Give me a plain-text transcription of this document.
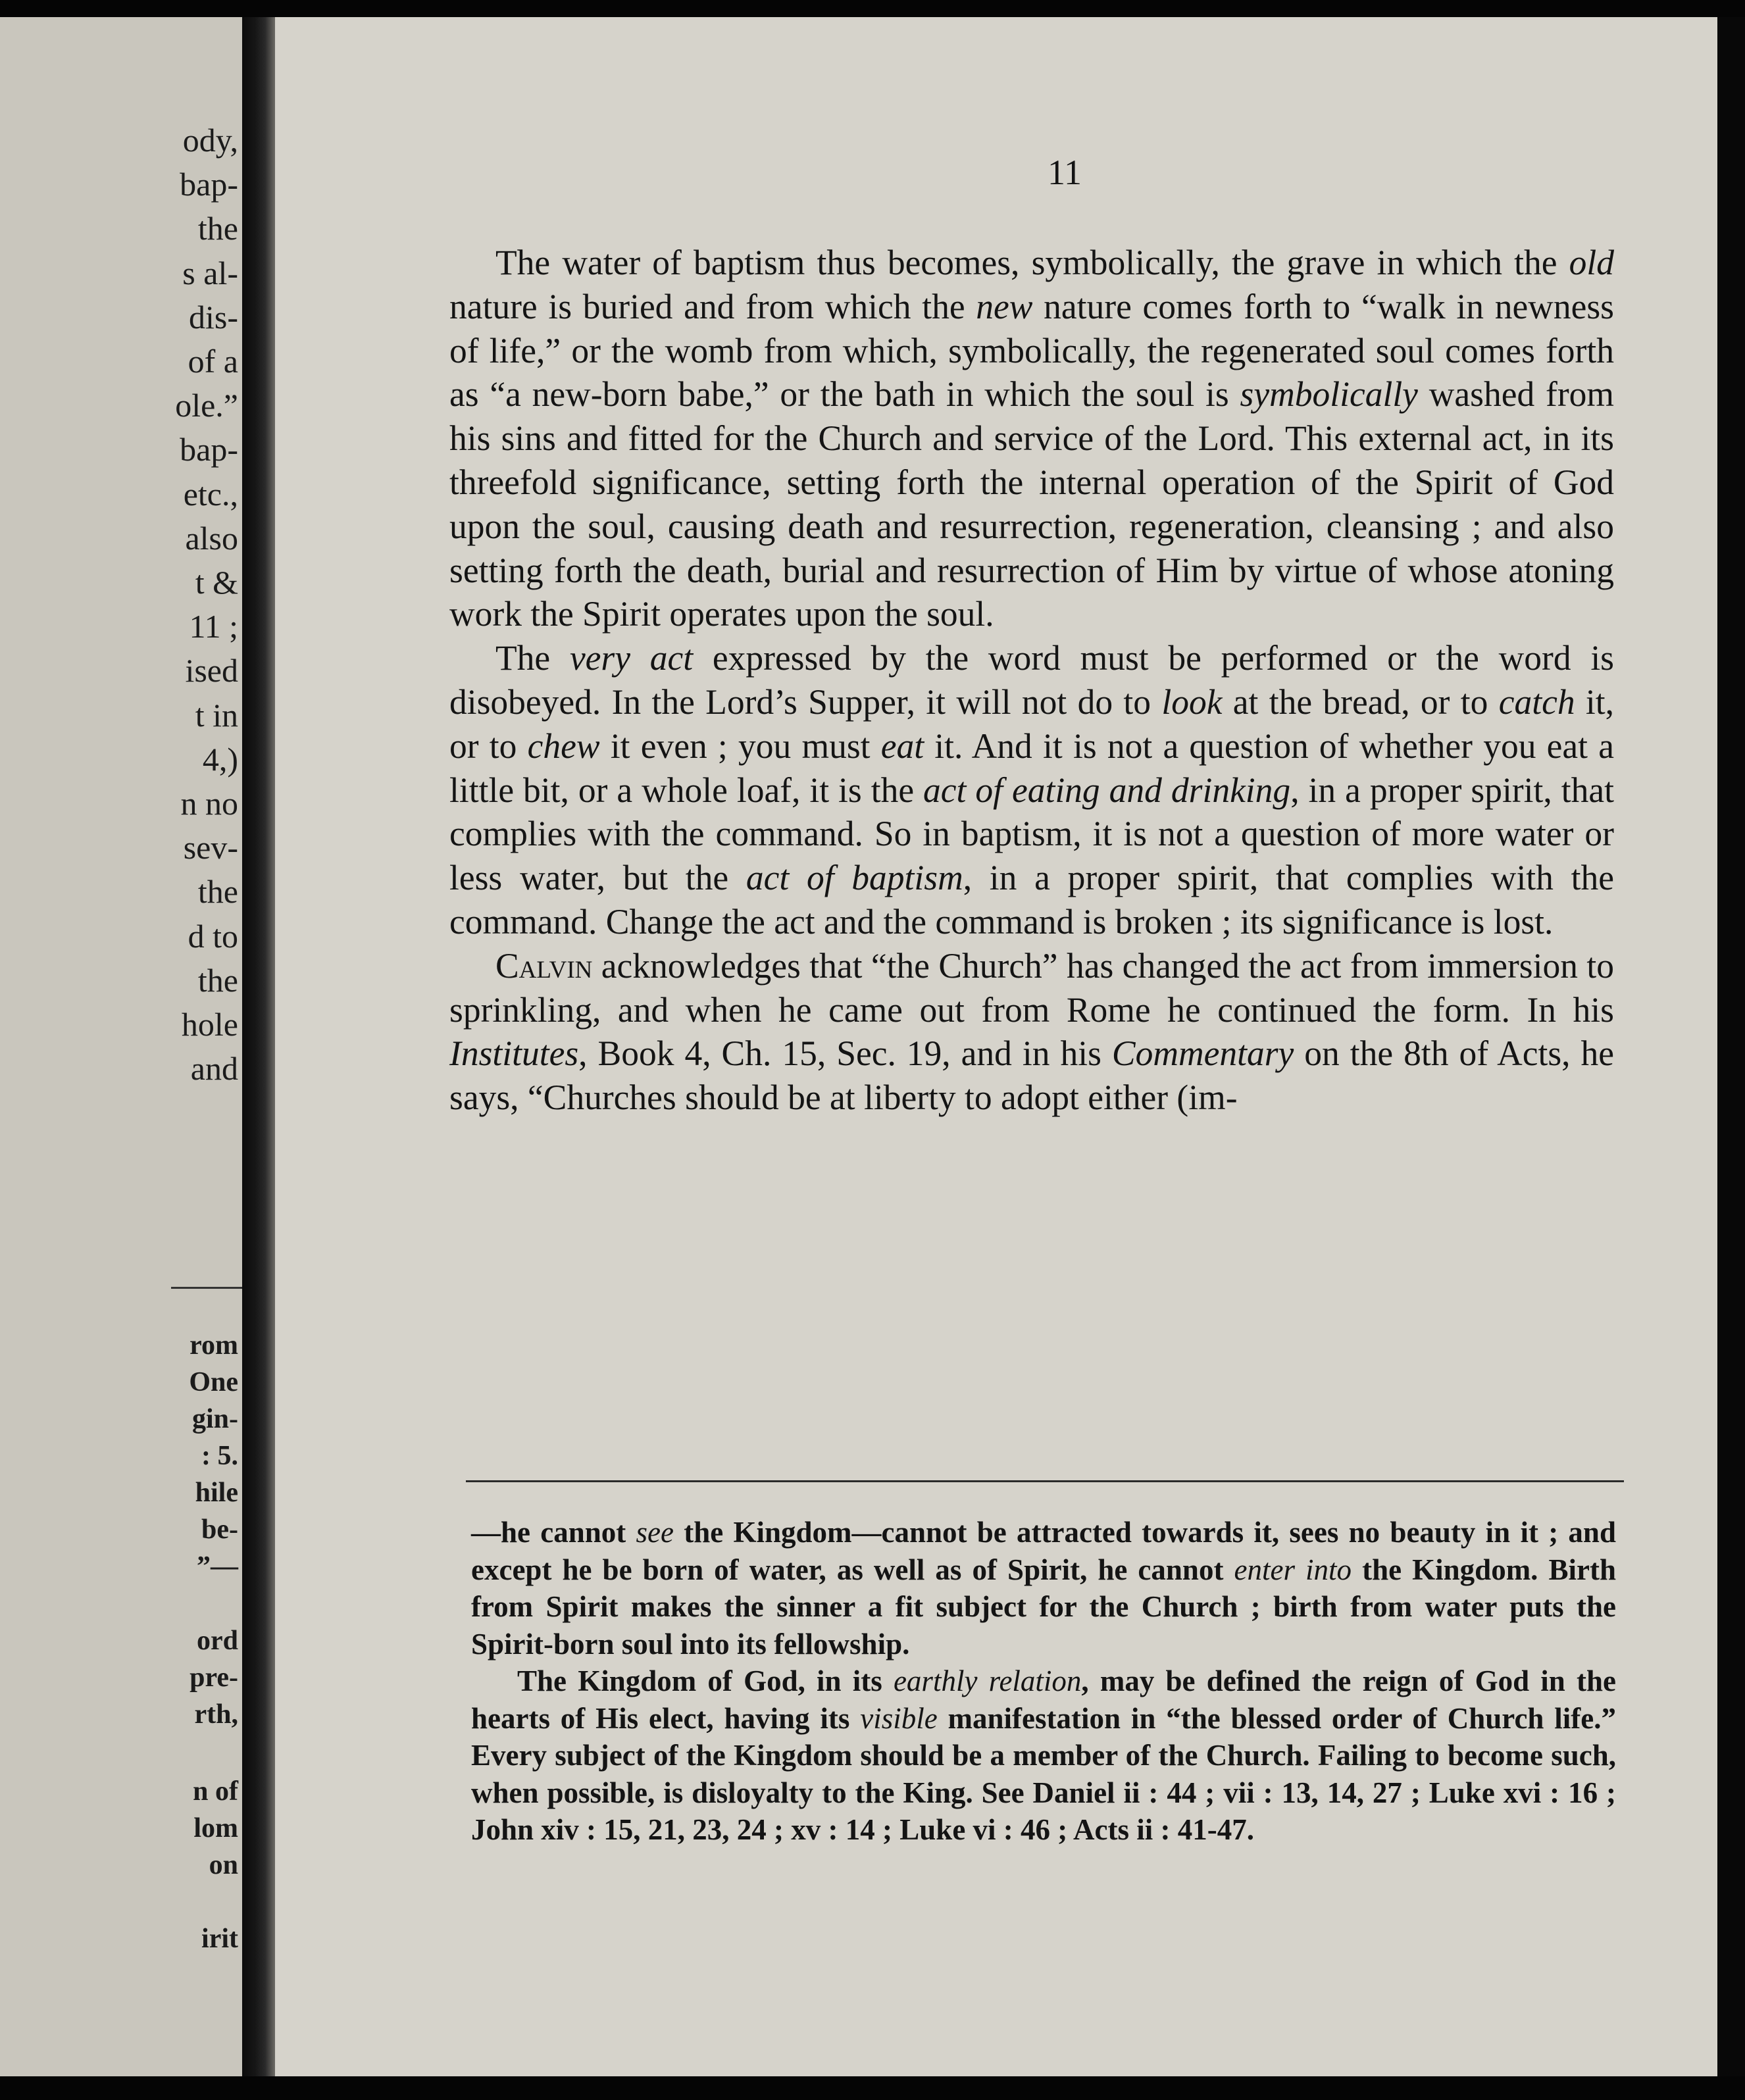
ody,
bap-
the
s al-
dis-
of a
ole.”
bap-
etc.,
also
t &
11 ;
ised
t in
4,)
n no
sev-
the
d to
the
hole
and
rom
One
gin-
: 5.
hile
be-
”—
ord
pre-
rth,
n of
lom
on
irit
11

The water of baptism thus becomes, symbolically, the grave in which the old nature is buried and from which the new nature comes forth to “walk in newness of life,” or the womb from which, symbolically, the regenerated soul comes forth as “a new-born babe,” or the bath in which the soul is symbolically washed from his sins and fitted for the Church and service of the Lord. This external act, in its threefold significance, setting forth the internal operation of the Spirit of God upon the soul, causing death and resurrection, regeneration, cleansing ; and also setting forth the death, burial and resurrection of Him by virtue of whose atoning work the Spirit operates upon the soul.

The very act expressed by the word must be performed or the word is disobeyed. In the Lord’s Supper, it will not do to look at the bread, or to catch it, or to chew it even ; you must eat it. And it is not a question of whether you eat a little bit, or a whole loaf, it is the act of eating and drinking, in a proper spirit, that complies with the command. So in baptism, it is not a question of more water or less water, but the act of baptism, in a proper spirit, that complies with the command. Change the act and the command is broken ; its significance is lost.

Calvin acknowledges that “the Church” has changed the act from immersion to sprinkling, and when he came out from Rome he continued the form. In his Institutes, Book 4, Ch. 15, Sec. 19, and in his Commentary on the 8th of Acts, he says, “Churches should be at liberty to adopt either (im-

—he cannot see the Kingdom—cannot be attracted towards it, sees no beauty in it ; and except he be born of water, as well as of Spirit, he cannot enter into the Kingdom. Birth from Spirit makes the sinner a fit subject for the Church ; birth from water puts the Spirit-born soul into its fellowship.

The Kingdom of God, in its earthly relation, may be defined the reign of God in the hearts of His elect, having its visible manifestation in “the blessed order of Church life.” Every subject of the Kingdom should be a member of the Church. Failing to become such, when possible, is disloyalty to the King. See Daniel ii : 44 ; vii : 13, 14, 27 ; Luke xvi : 16 ; John xiv : 15, 21, 23, 24 ; xv : 14 ; Luke vi : 46 ; Acts ii : 41-47.
